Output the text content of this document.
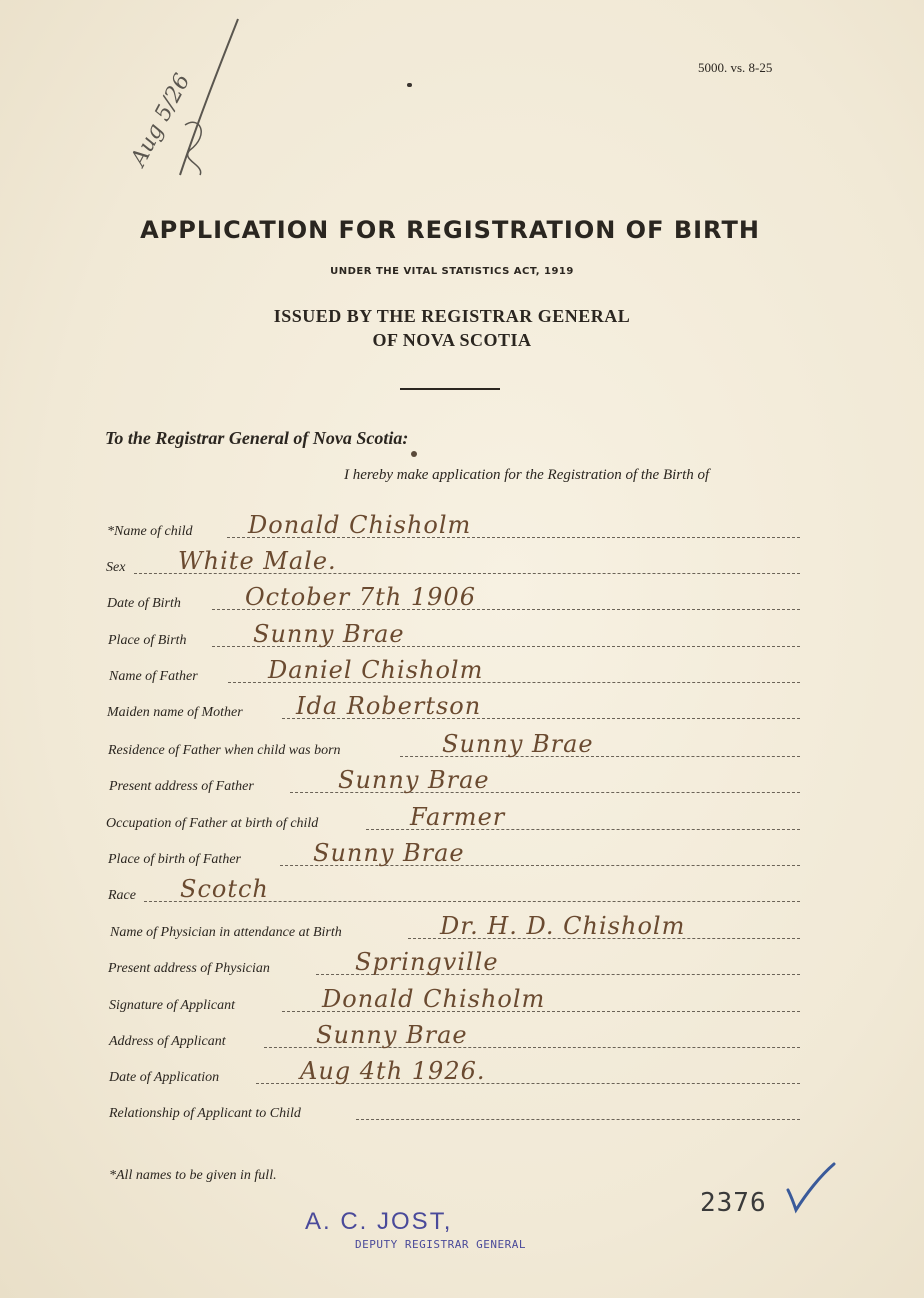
5000. vs. 8-25
Aug 5/26
APPLICATION FOR REGISTRATION OF BIRTH
UNDER THE VITAL STATISTICS ACT, 1919
ISSUED BY THE REGISTRAR GENERAL
OF NOVA SCOTIA
To the Registrar General of Nova Scotia:
I hereby make application for the Registration of the Birth of
*Name of child Donald Chisholm
Sex White Male.
Date of Birth	October 7th 1906
Place of Birth	Sunny Brae
Name of Father	Daniel Chisholm
Maiden name of Mother Ida Robertson
Residence of Father when child was born	Sunny Brae
Present address of Father	Sunny Brae
Occupation of Father at birth of child	Farmer
Place of birth of Father	Sunny Brae
Race Scotch
Name of Physician in attendance at Birth	Dr. H. D. Chisholm
Present address of Physician	Springville
Signature of Applicant	Donald Chisholm
Address of Applicant	Sunny Brae
Date of Application	Aug 4th 1926.
Relationship of Applicant to Child
*All names to be given in full.
2376
A. C. JOST,
DEPUTY REGISTRAR GENERAL
